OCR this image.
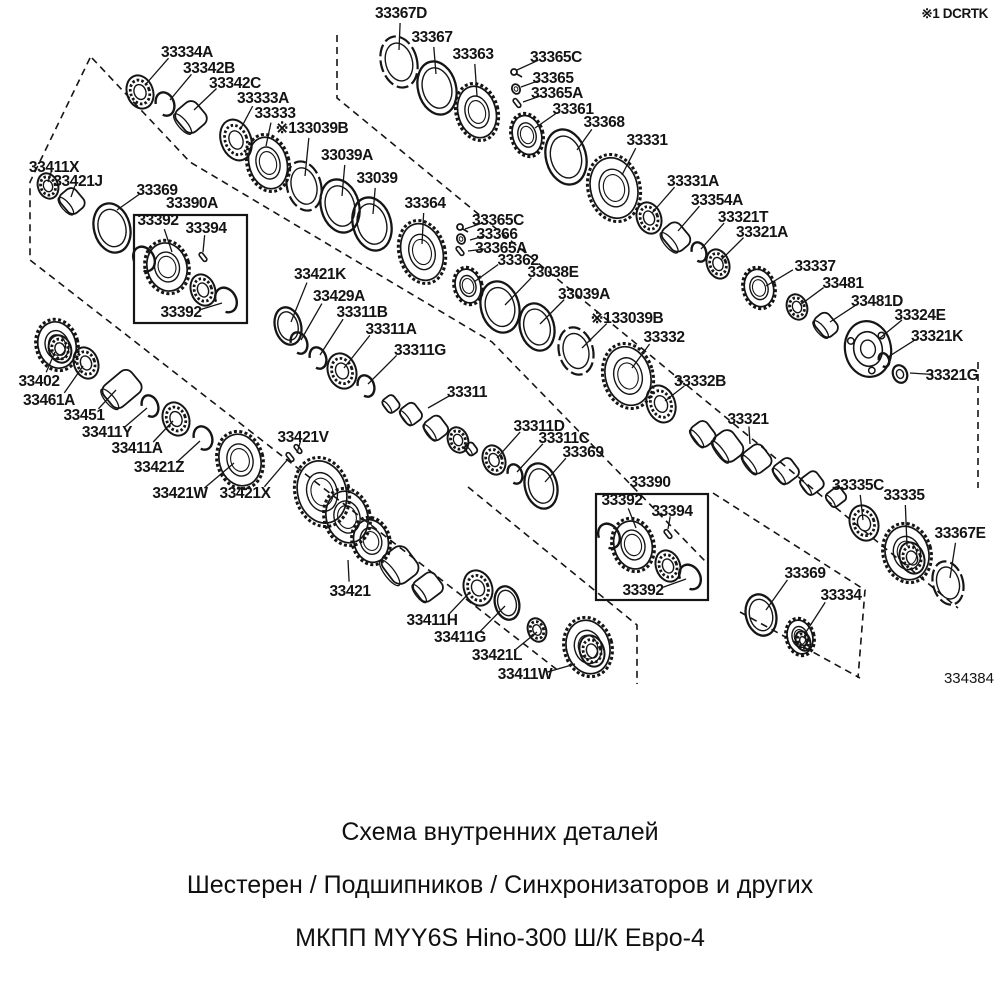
※1 DCRTK
334384
33334A
33342B
33342C
33333A
33333
※133039B
33039A
33039
33364
33367D
33367
33363 33365C
33365
33365A
33361
33368
33331
33331A
33354A
33321T
33321A
33411X
33421J
33369
33390A
33392 33394
33392
33365C
33366
33365A
33362
33038E
33039A
※133039B
33332
33332B
33337
33481
33481D
33324E
33321K
33321G
33421K
33429A
33311B
33311A
33311G
33311
33402
33461A
33451
33411Y
33411A
33421Z
33421W 33421X
33421V
33311D
33311C
33369
33390
33392
33394
33392
33321
33335C
33335
33367E
33369
33334
33421
33411H
33411G
33421L
33411W
Схема внутренних деталей
Шестерен / Подшипников / Синхронизаторов и других
МКПП MYY6S Hino-300 Ш/К Евро-4
